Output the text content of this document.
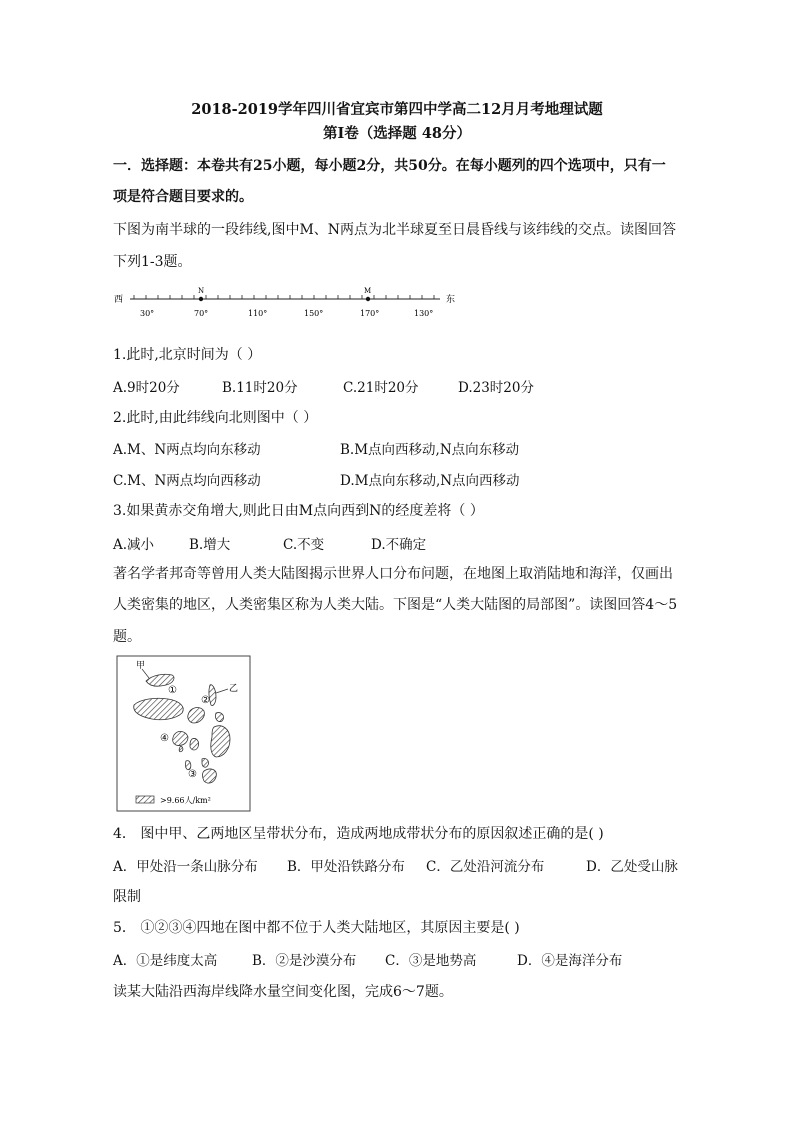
2018-2019学年四川省宜宾市第四中学高二12月月考地理试题
第Ⅰ卷（选择题 48分）
一．选择题：本卷共有25小题，每小题2分，共50分。在每小题列的四个选项中，只有一
项是符合题目要求的。
下图为南半球的一段纬线,图中M、N两点为北半球夏至日晨昏线与该纬线的交点。读图回答
下列1-3题。
西	东
N	M
30°	70°	110°	150°	170°	130°
1.此时,北京时间为（ ）
A.9时20分	B.11时20分	C.21时20分	D.23时20分
2.此时,由此纬线向北则图中（ ）
A.M、N两点均向东移动	B.M点向西移动,N点向东移动
C.M、N两点均向西移动	D.M点向东移动,N点向西移动
3.如果黄赤交角增大,则此日由M点向西到N的经度差将（ ）
A.减小	B.增大	C.不变	D.不确定
著名学者邦奇等曾用人类大陆图揭示世界人口分布问题，在地图上取消陆地和海洋，仅画出
人类密集的地区，人类密集区称为人类大陆。下图是“人类大陆图的局部图”。读图回答4～5
题。
甲
乙
①
②
③
④
>9.66人/km²
4． 图中甲、乙两地区呈带状分布，造成两地成带状分布的原因叙述正确的是( )
A．甲处沿一条山脉分布 B．甲处沿铁路分布 C．乙处沿河流分布	D．乙处受山脉
限制
5． ①②③④四地在图中都不位于人类大陆地区，其原因主要是( )
A．①是纬度太高	B．②是沙漠分布 C．③是地势高	D．④是海洋分布
读某大陆沿西海岸线降水量空间变化图，完成6～7题。
